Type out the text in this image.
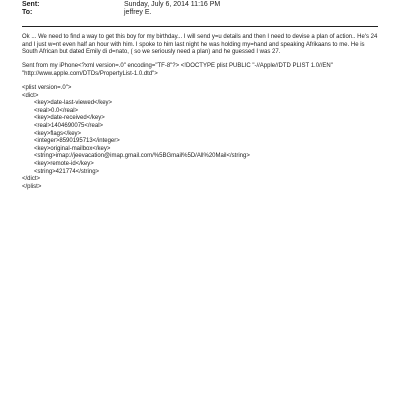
Sent:	Sunday, July 6, 2014 11:16 PM
To:	jeffrey E.

Ok ... We need to find a way to get this boy for my birthday... I will send y=u details and then I need to devise a plan of action.. He's 24 and I just w=nt even half an hour with him. I spoke to him last night he was holding my=hand and speaking Afrikaans to me. He is South African but dated Emily di d=nato, ( so we seriously need a plan) and he guessed I was 27.

Sent from my iPhone<?xml version=.0" encoding="TF-8"?> <!DOCTYPE plist PUBLIC "-//Apple//DTD PLIST 1.0//EN" "http://www.apple.com/DTDs/PropertyList-1.0.dtd">

<plist version=.0">
<dict>
<key>date-last-viewed</key>
<real>0.0</real>
<key>date-received</key>
<real>1404690075</real>
<key>flags</key>
<integer>8590195713</integer>
<key>original-mailbox</key>
<string>imap://jeevacation@imap.gmail.com/%5BGmail%5D/All%20Mail</string>
<key>remote-id</key>
<string>421774</string>
</dict>
</plist>
